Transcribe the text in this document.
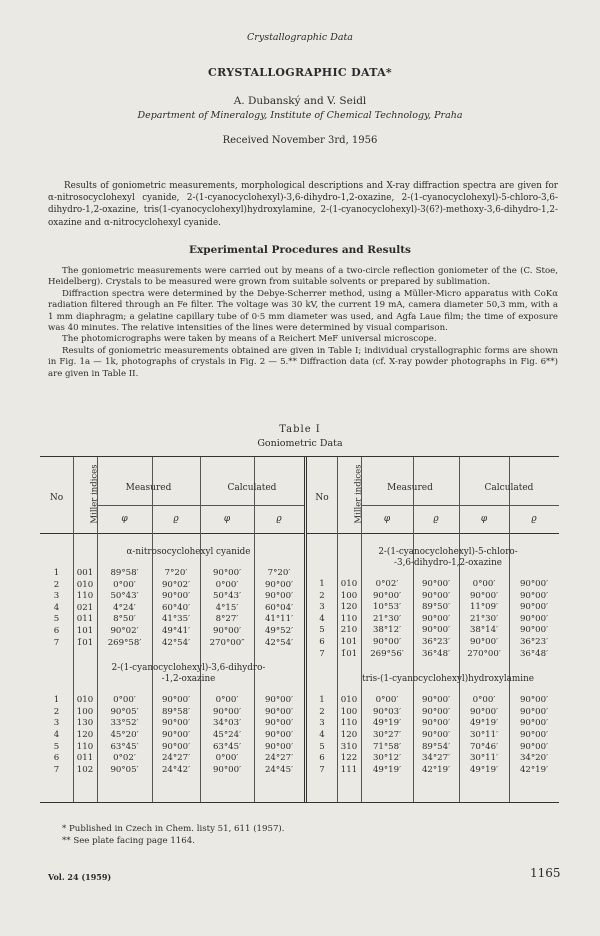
Crystallographic Data
CRYSTALLOGRAPHIC DATA*
A. Dubanský and V. Seidl
Department of Mineralogy, Institute of Chemical Technology, Praha
Received November 3rd, 1956
Results of goniometric measurements, morphological descriptions and X-ray diffraction spectra are given for α-nitrosocyclohexyl cyanide, 2-(1-cyanocyclohexyl)-3,6-dihydro-1,2-oxazine, 2-(1-cyanocyclohexyl)-5-chloro-3,6-dihydro-1,2-oxazine, tris(1-cyanocyclohexyl)hydroxylamine, 2-(1-cyanocyclohexyl)-3(6?)-methoxy-3,6-dihydro-1,2-oxazine and α-nitrocyclohexyl cyanide.
Experimental Procedures and Results

The goniometric measurements were carried out by means of a two-circle reflection goniometer of the (C. Stoe, Heidelberg). Crystals to be measured were grown from suitable solvents or prepared by sublimation.

Diffraction spectra were determined by the Debye-Scherrer method, using a Müller-Micro apparatus with CoKα radiation filtered through an Fe filter. The voltage was 30 kV, the current 19 mA, camera diameter 50,3 mm, with a 1 mm diaphragm; a gelatine capillary tube of 0·5 mm diameter was used, and Agfa Laue film; the time of exposure was 40 minutes. The relative intensities of the lines were determined by visual comparison.

The photomicrographs were taken by means of a Reichert MeF universal microscope.

Results of goniometric measurements obtained are given in Table I; individual crystallographic forms are shown in Fig. 1a — 1k, photographs of crystals in Fig. 2 — 5.** Diffraction data (cf. X-ray powder photographs in Fig. 6**) are given in Table II.

Table I
Goniometric Data
No	Miller indices	Measured	Calculated
φ	ϱ	φ	ϱ
α-nitrosocyclohexyl cyanide
1	001	89°58′	7°20′	90°00′	7°20′
2	010	0°00′	90°02′	0°00′	90°00′
3	110	50°43′	90°00′	50°43′	90°00′
4	021	4°24′	60°40′	4°15′	60°04′
5	011	8°50′	41°35′	8°27′	41°11′
6	101	90°02′	49°41′	90°00′	49°52′
7	1̄01	269°58′	42°54′	270°00″	42°54′
2-(1-cyanocyclohexyl)-3,6-dihydro-
-1,2-oxazine
1	010	0°00′	90°00′	0°00′	90°00′
2	100	90°05′	89°58′	90°00′	90°00′
3	130	33°52′	90°00′	34°03′	90°00′
4	120	45°20′	90°00′	45°24′	90°00′
5	110	63°45′	90°00′	63°45′	90°00′
6	011	0°02′	24°27′	0°00′	24°27′
7	102	90°05′	24°42′	90°00′	24°45′
No	Miller indices	Measured	Calculated
φ	ϱ	φ	ϱ
2-(1-cyanocyclohexyl)-5-chloro-
-3,6-dihydro-1,2-oxazine
1	010	0°02′	90°00′	0°00′	90°00′
2	100	90°00′	90°00′	90°00′	90°00′
3	120	10°53′	89°50′	11°09′	90°00′
4	110	21°30′	90°00′	21°30′	90°00′
5	210	38°12′	90°00′	38°14′	90°00′
6	101	90°00′	36°23′	90°00′	36°23′
7	1̄01	269°56′	36°48′	270°00′	36°48′
tris-(1-cyanocyclohexyl)hydroxylamine
1	010	0°00′	90°00′	0°00′	90°00′
2	100	90°03′	90°00′	90°00′	90°00′
3	110	49°19′	90°00′	49°19′	90°00′
4	120	30°27′	90°00′	30°11′	90°00′
5	310	71°58′	89°54′	70°46′	90°00′
6	122	30°12′	34°27′	30°11′	34°20′
7	111	49°19′	42°19′	49°19′	42°19′
* Published in Czech in Chem. listy 51, 611 (1957).
** See plate facing page 1164.
Vol. 24 (1959)	1165
